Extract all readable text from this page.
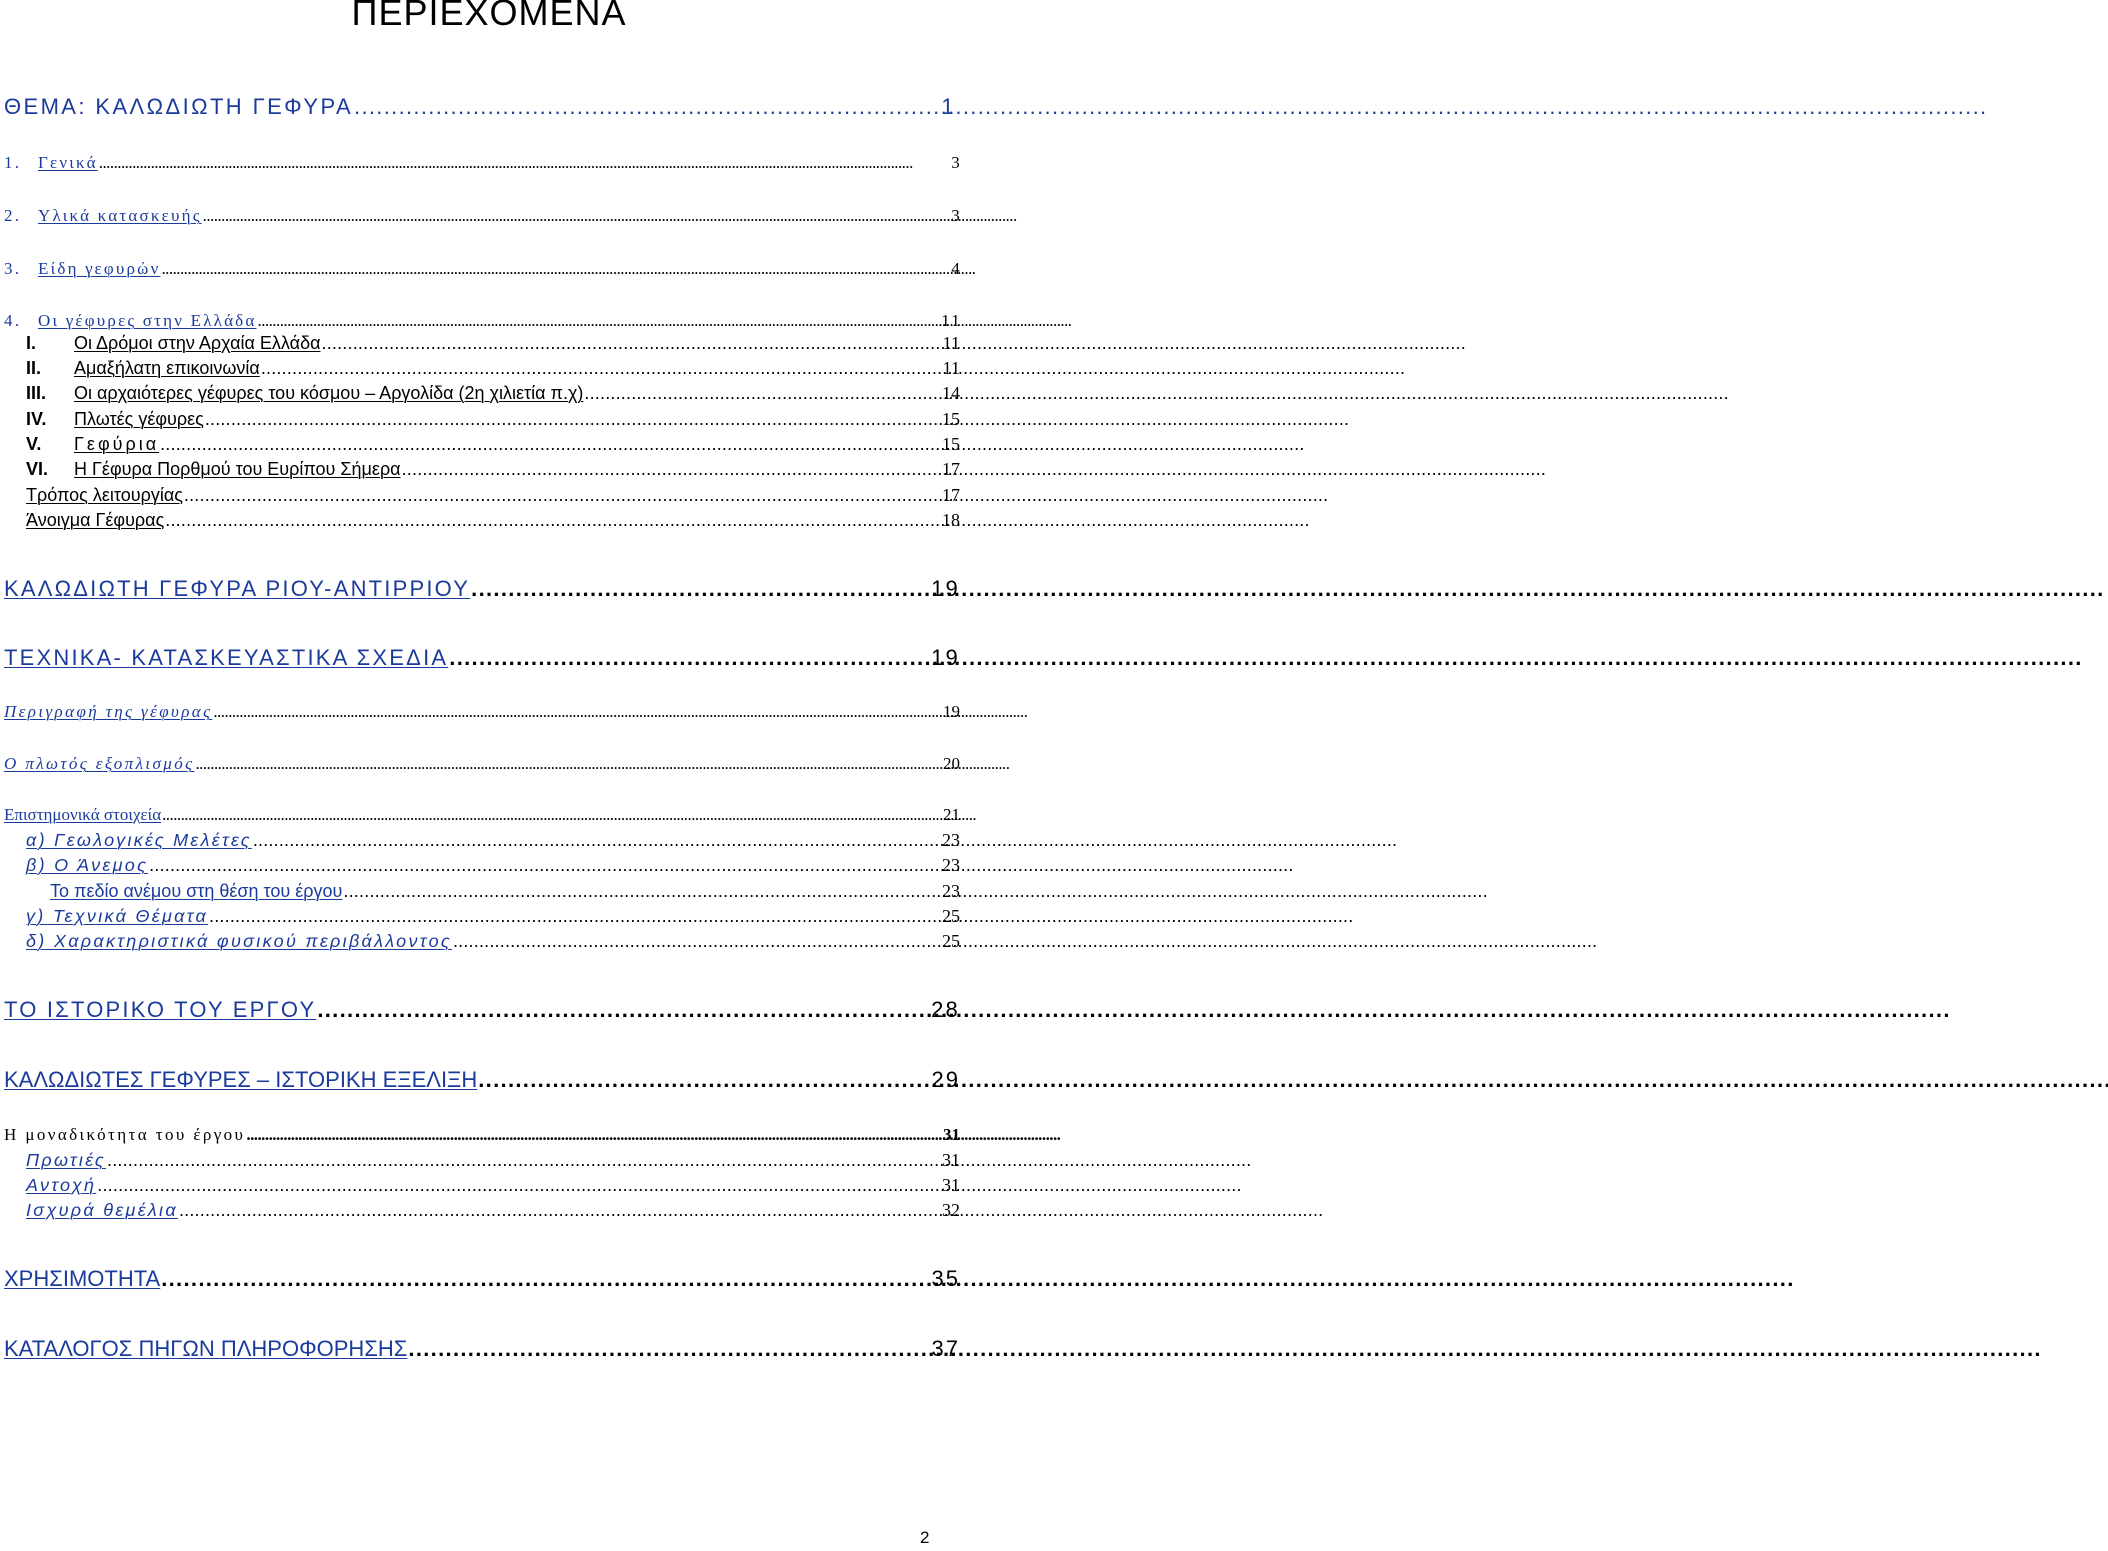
ΠΕΡΙΕΧΟΜΕΝΑ
ΘΕΜΑ: ΚΑΛΩΔΙΩΤΗ ΓΕΦΥΡΑ . . .	1
1. Γενικά . . .	3
2. Υλικά κατασκευής . . .	3
3. Είδη γεφυρών . . .	4
4. Οι γέφυρες στην Ελλάδα . . .	11
I.	Οι Δρόμοι στην Αρχαία Ελλάδα . . .	11
II.	Αμαξήλατη επικοινωνία . . .	11
III.	Οι αρχαιότερες γέφυρες του κόσμου – Αργολίδα (2η χιλιετία π.χ) . . .	14
IV.	Πλωτές γέφυρες . . .	15
V.	Γεφύρια . . .	15
VI.	Η Γέφυρα Πορθμού του Ευρίπου Σήμερα . . .	17
Τρόπος λειτουργίας . . .	17
Άνοιγμα Γέφυρας . . .	18
ΚΑΛΩΔΙΩΤΗ ΓΕΦΥΡΑ ΡΙΟΥ-ΑΝΤΙΡΡΙΟΥ . . .	19
ΤΕΧΝΙΚΑ- ΚΑΤΑΣΚΕΥΑΣΤΙΚΑ ΣΧΕΔΙΑ . . .	19
Περιγραφή της γέφυρας . . .	19
Ο πλωτός εξοπλισμός . . .	20
Επιστημονικά στοιχεία . . .	21
α) Γεωλογικές Μελέτες . . .	23
β) Ο Άνεμος . . .	23
Το πεδίο ανέμου στη θέση του έργου . . .	23
γ) Τεχνικά Θέματα . . .	25
δ) Χαρακτηριστικά φυσικού περιβάλλοντος . . .	25
ΤΟ ΙΣΤΟΡΙΚΟ ΤΟΥ ΕΡΓΟΥ . . .	28
ΚΑΛΩΔΙΩΤΕΣ ΓΕΦΥΡΕΣ – ΙΣΤΟΡΙΚΗ ΕΞΕΛΙΞΗ . . .	29
Η μοναδικότητα του έργου . . .	31
Πρωτιές . . .	31
Αντοχή . . .	31
Ισχυρά θεμέλια . . .	32
ΧΡΗΣΙΜΟΤΗΤΑ . . .	35
ΚΑΤΑΛΟΓΟΣ ΠΗΓΩΝ ΠΛΗΡΟΦΟΡΗΣΗΣ . . .	37
2
